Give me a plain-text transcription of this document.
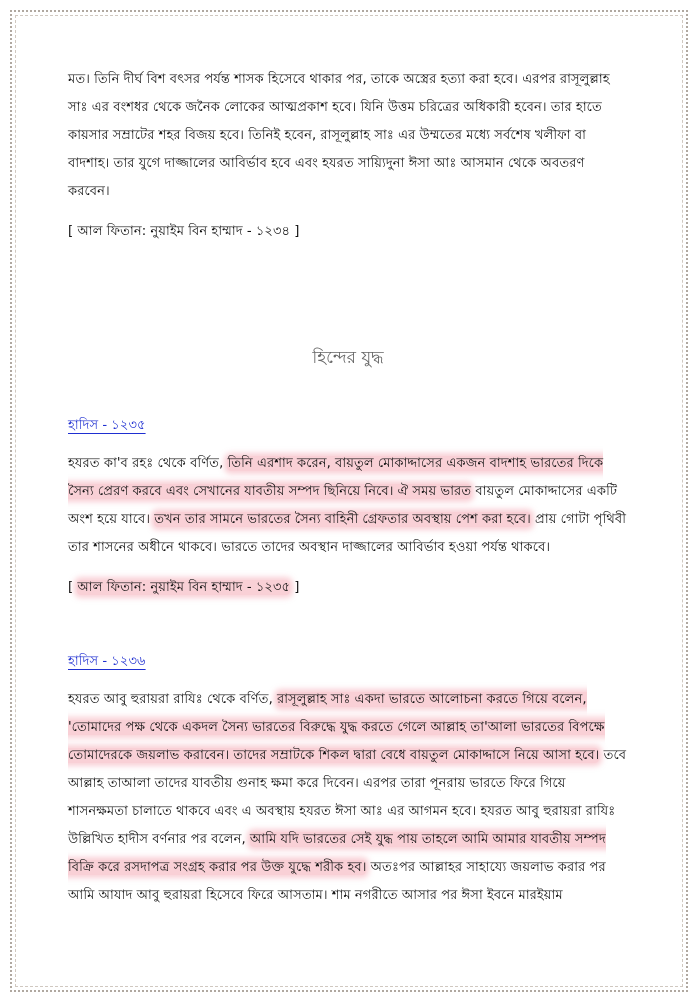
মত। তিনি দীর্ঘ বিশ বৎসর পর্যন্ত শাসক হিসেবে থাকার পর, তাকে অস্ত্রের হত্যা করা হবে। এরপর রাসূলুল্লাহ সাঃ এর বংশধর থেকে জনৈক লোকের আত্মপ্রকাশ হবে। যিনি উত্তম চরিত্রের অধিকারী হবেন। তার হাতে কায়সার সম্রাটের শহর বিজয় হবে। তিনিই হবেন, রাসূলুল্লাহ সাঃ এর উম্মতের মধ্যে সর্বশেষ খলীফা বা বাদশাহ। তার যুগে দাজ্জালের আবির্ভাব হবে এবং হযরত সায়্যিদুনা ঈসা আঃ আসমান থেকে অবতরণ করবেন।

[ আল ফিতান: নুয়াইম বিন হাম্মাদ - ১২৩৪ ]

হিন্দের যুদ্ধ
হাদিস - ১২৩৫

হযরত কা'ব রহঃ থেকে বর্ণিত, তিনি এরশাদ করেন, বায়তুল মোকাদ্দাসের একজন বাদশাহ ভারতের দিকে সৈন্য প্রেরণ করবে এবং সেখানের যাবতীয় সম্পদ ছিনিয়ে নিবে। ঐ সময় ভারত বায়তুল মোকাদ্দাসের একটি অংশ হয়ে যাবে। তখন তার সামনে ভারতের সৈন্য বাহিনী গ্রেফতার অবস্থায় পেশ করা হবে। প্রায় গোটা পৃথিবী তার শাসনের অধীনে থাকবে। ভারতে তাদের অবস্থান দাজ্জালের আবির্ভাব হওয়া পর্যন্ত থাকবে।

[ আল ফিতান: নুয়াইম বিন হাম্মাদ - ১২৩৫ ]

হাদিস - ১২৩৬

হযরত আবু হুরায়রা রাযিঃ থেকে বর্ণিত, রাসূলুল্লাহ সাঃ একদা ভারতে আলোচনা করতে গিয়ে বলেন, 'তোমাদের পক্ষ থেকে একদল সৈন্য ভারতের বিরুদ্ধে যুদ্ধ করতে গেলে আল্লাহ তা'আলা ভারতের বিপক্ষে তোমাদেরকে জয়লাভ করাবেন। তাদের সম্রাটকে শিকল দ্বারা বেধে বায়তুল মোকাদ্দাসে নিয়ে আসা হবে। তবে আল্লাহ তাআলা তাদের যাবতীয় গুনাহ ক্ষমা করে দিবেন। এরপর তারা পূনরায় ভারতে ফিরে গিয়ে শাসনক্ষমতা চালাতে থাকবে এবং এ অবস্থায় হযরত ঈসা আঃ এর আগমন হবে। হযরত আবু হুরায়রা রাযিঃ উল্লিখিত হাদীস বর্ণনার পর বলেন, আমি যদি ভারতের সেই যুদ্ধ পায় তাহলে আমি আমার যাবতীয় সম্পদ বিক্রি করে রসদাপত্র সংগ্রহ করার পর উক্ত যুদ্ধে শরীক হব। অতঃপর আল্লাহর সাহায্যে জয়লাভ করার পর আমি আযাদ আবু হুরায়রা হিসেবে ফিরে আসতাম। শাম নগরীতে আসার পর ঈসা ইবনে মারইয়াম
